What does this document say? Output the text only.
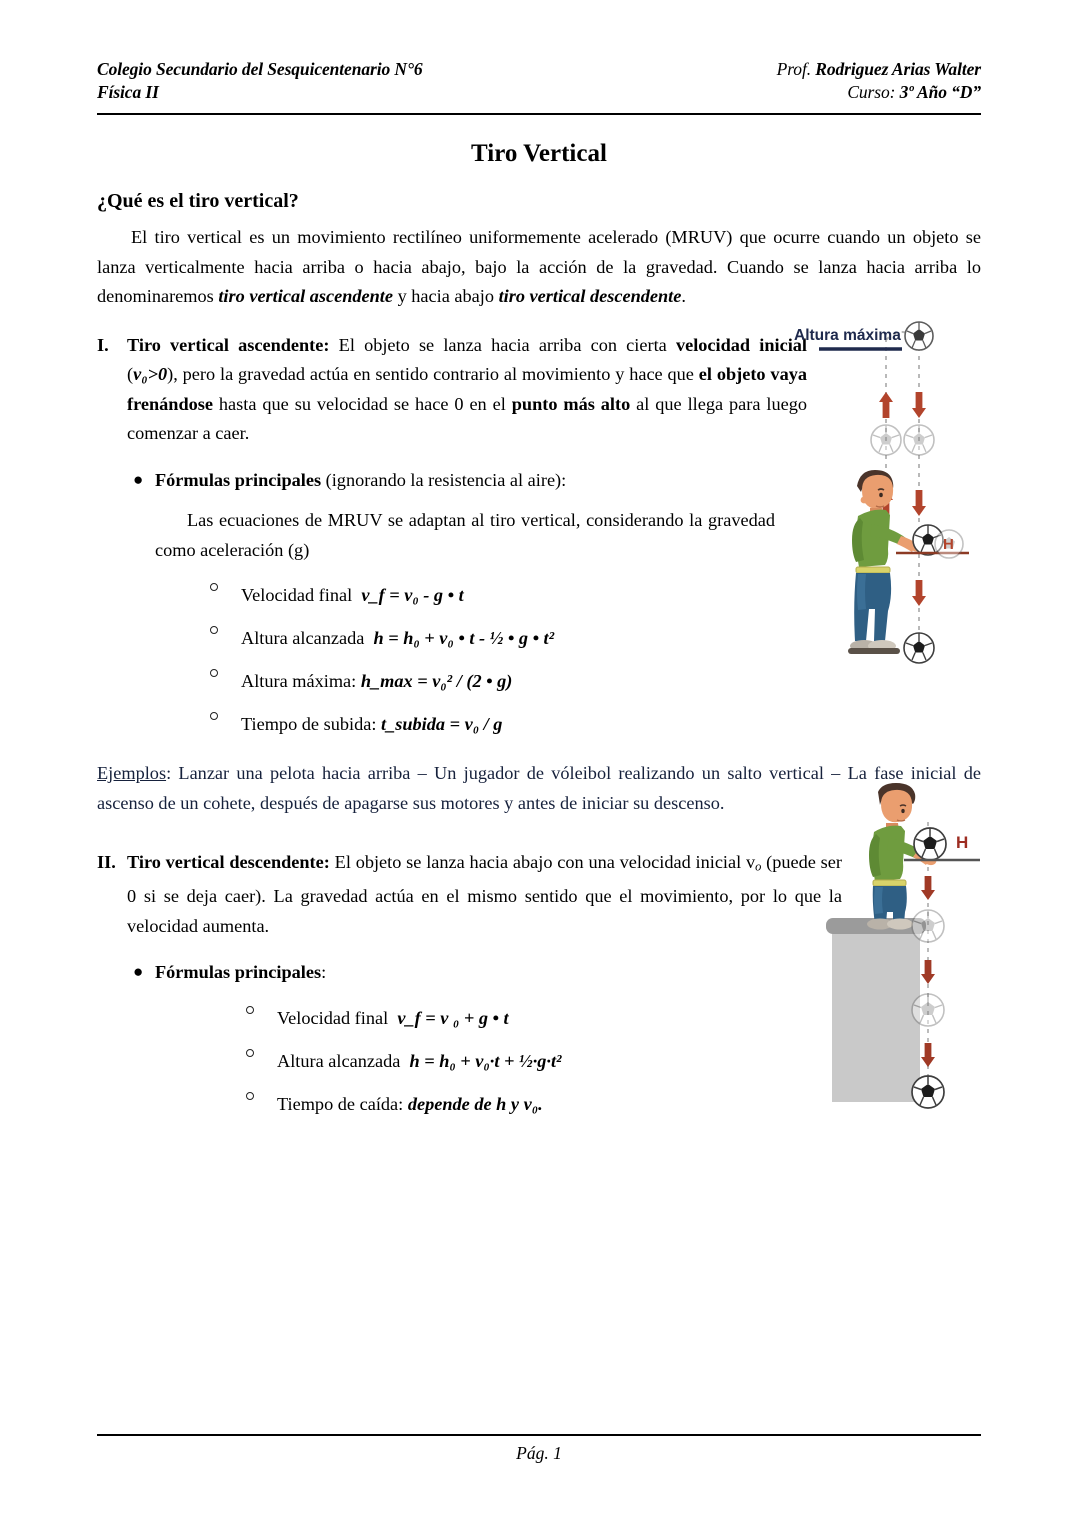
Colegio Secundario del Sesquicentenario N°6	Prof. Rodriguez Arias Walter
Física II	Curso: 3º Año “D”
Tiro Vertical
¿Qué es el tiro vertical?

El tiro vertical es un movimiento rectilíneo uniformemente acelerado (MRUV) que ocurre cuando un objeto se lanza verticalmente hacia arriba o hacia abajo, bajo la acción de la gravedad. Cuando se lanza hacia arriba lo denominaremos tiro vertical ascendente y hacia abajo tiro vertical descendente.

I. Tiro vertical ascendente: El objeto se lanza hacia arriba con cierta velocidad inicial (v₀>0), pero la gravedad actúa en sentido contrario al movimiento y hace que el objeto vaya frenándose hasta que su velocidad se hace 0 en el punto más alto al que llega para luego comenzar a caer.
● Fórmulas principales (ignorando la resistencia al aire):
Las ecuaciones de MRUV se adaptan al tiro vertical, considerando la gravedad como aceleración (g)
Velocidad final v_f = v₀ - g • t
Altura alcanzada h = h₀ + v₀ • t - ½ • g • t²
Altura máxima: h_max = v₀² / (2 • g)
Tiempo de subida: t_subida = v₀ / g
Ejemplos: Lanzar una pelota hacia arriba – Un jugador de vóleibol realizando un salto vertical – La fase inicial de ascenso de un cohete, después de apagarse sus motores y antes de iniciar su descenso.
II. Tiro vertical descendente: El objeto se lanza hacia abajo con una velocidad inicial $v_o$ (puede ser 0 si se deja caer). La gravedad actúa en el mismo sentido que el movimiento, por lo que la velocidad aumenta.
● Fórmulas principales:
Velocidad final v_f = v ₀ + g • t
Altura alcanzada h = h₀ + v₀·t + ½·g·t²
Tiempo de caída: depende de h y v₀.
Altura máxima
H
H
Pág. 1
